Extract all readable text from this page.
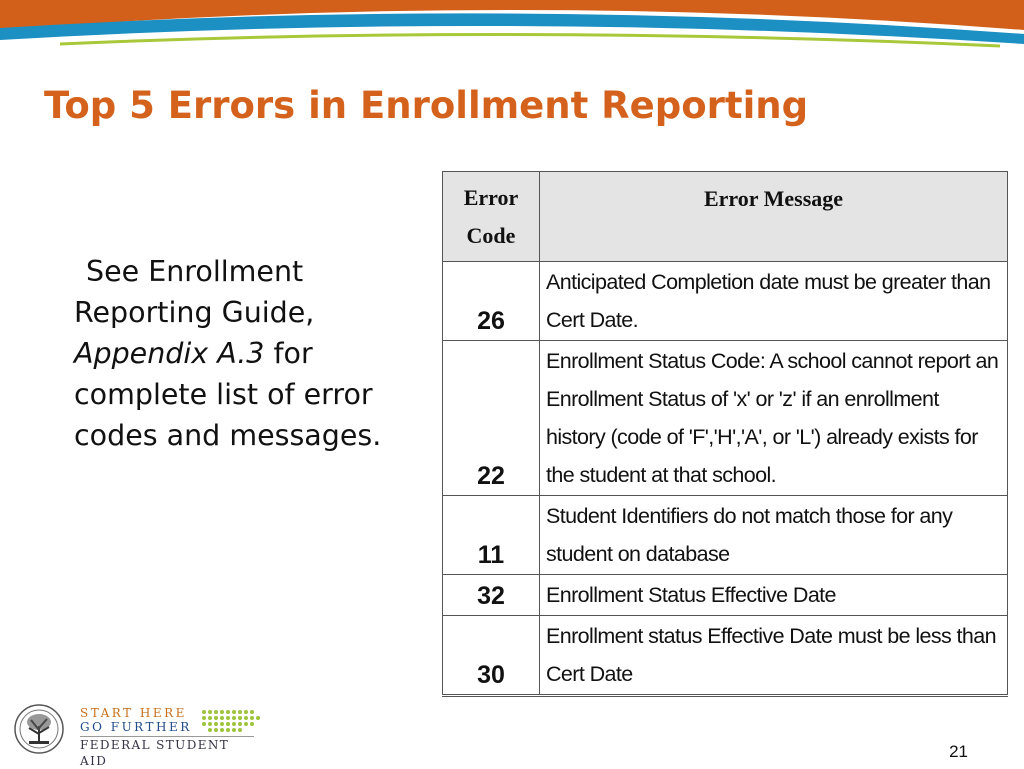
Top 5 Errors in Enrollment Reporting
See Enrollment Reporting Guide, Appendix A.3 for complete list of error codes and messages.
Error
Code	Error Message
26	Anticipated Completion date must be greater than Cert Date.
22	Enrollment Status Code: A school cannot report an Enrollment Status of 'x' or 'z' if an enrollment history (code of 'F','H','A', or 'L') already exists for the student at that school.
11	Student Identifiers do not match those for any student on database
32	Enrollment Status Effective Date
30	Enrollment status Effective Date must be less than Cert Date
START HERE
GO FURTHER
FEDERAL STUDENT AID	21
